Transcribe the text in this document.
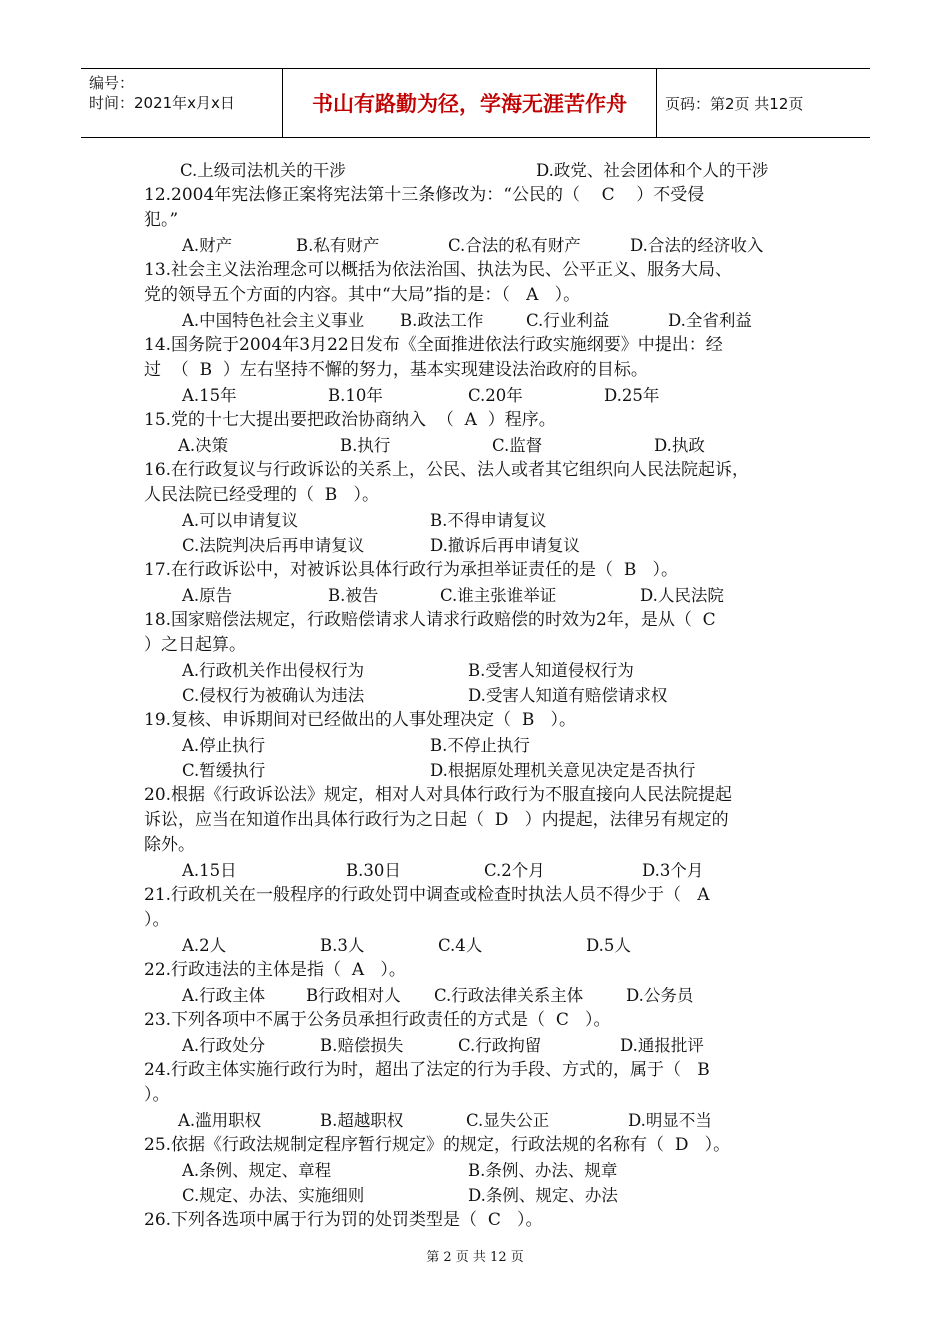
编号：
时间：2021年x月x日	书山有路勤为径，学海无涯苦作舟	页码：第2页 共12页
C.上级司法机关的干涉	D.政党、社会团体和个人的干涉
12.2004年宪法修正案将宪法第十三条修改为：“公民的（    C    ）不受侵
犯。”
A.财产	B.私有财产	C.合法的私有财产	D.合法的经济收入
13.社会主义法治理念可以概括为依法治国、执法为民、公平正义、服务大局、
党的领导五个方面的内容。其中“大局”指的是：（   A   ）。
A.中国特色社会主义事业 B.政法工作	C.行业利益	D.全省利益
14.国务院于2004年3月22日发布《全面推进依法行政实施纲要》中提出：经
过  （  B  ）左右坚持不懈的努力，基本实现建设法治政府的目标。
A.15年	B.10年	C.20年	D.25年
15.党的十七大提出要把政治协商纳入  （  A  ）程序。
A.决策	B.执行	C.监督	D.执政
16.在行政复议与行政诉讼的关系上，公民、法人或者其它组织向人民法院起诉，
人民法院已经受理的（  B   ）。
A.可以申请复议	B.不得申请复议
C.法院判决后再申请复议	D.撤诉后再申请复议
17.在行政诉讼中，对被诉讼具体行政行为承担举证责任的是（  B   ）。
A.原告	B.被告	C.谁主张谁举证	D.人民法院
18.国家赔偿法规定，行政赔偿请求人请求行政赔偿的时效为2年，是从（  C
）之日起算。
A.行政机关作出侵权行为	B.受害人知道侵权行为
C.侵权行为被确认为违法	D.受害人知道有赔偿请求权
19.复核、申诉期间对已经做出的人事处理决定（  B   ）。
A.停止执行	B.不停止执行
C.暂缓执行	D.根据原处理机关意见决定是否执行
20.根据《行政诉讼法》规定，相对人对具体行政行为不服直接向人民法院提起
诉讼，应当在知道作出具体行政行为之日起（  D   ）内提起，法律另有规定的
除外。
A.15日	B.30日	C.2个月	D.3个月
21.行政机关在一般程序的行政处罚中调查或检查时执法人员不得少于（   A
）。
A.2人	B.3人	C.4人	D.5人
22.行政违法的主体是指（  A   ）。
A.行政主体 B行政相对人 C.行政法律关系主体	D.公务员
23.下列各项中不属于公务员承担行政责任的方式是（  C   ）。
A.行政处分	B.赔偿损失	C.行政拘留	D.通报批评
24.行政主体实施行政行为时，超出了法定的行为手段、方式的，属于（   B
）。
A.滥用职权	B.超越职权	C.显失公正	D.明显不当
25.依据《行政法规制定程序暂行规定》的规定，行政法规的名称有（  D   ）。
A.条例、规定、章程	B.条例、办法、规章
C.规定、办法、实施细则	D.条例、规定、办法
26.下列各选项中属于行为罚的处罚类型是（  C   ）。
第 2 页 共 12 页
